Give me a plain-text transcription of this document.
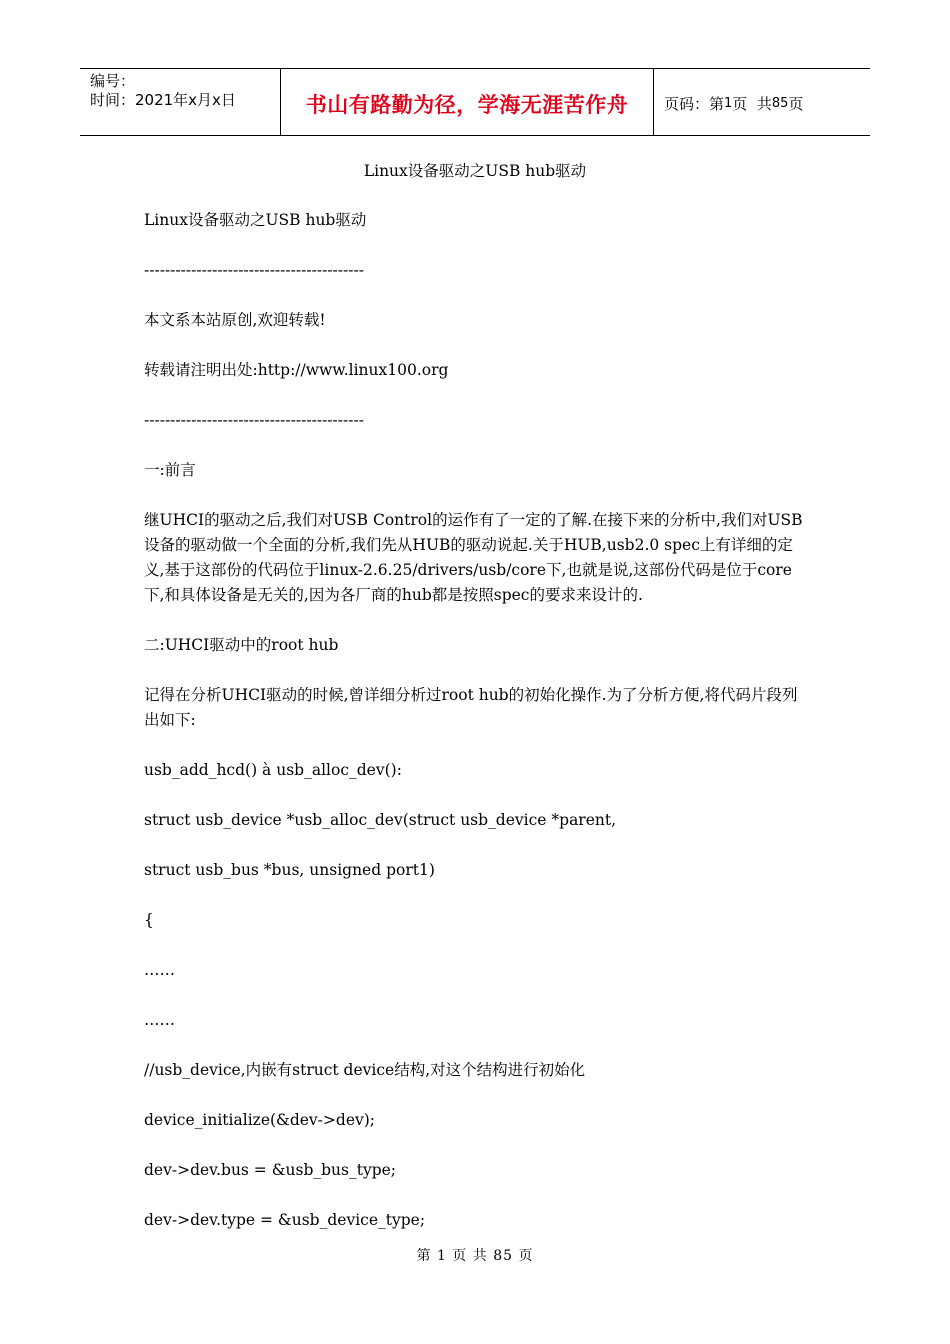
编号：
时间：2021年x月x日	书山有路勤为径，学海无涯苦作舟 页码：第 1 页  共 85 页
Linux设备驱动之USB hub驱动

Linux设备驱动之USB hub驱动

------------------------------------------

本文系本站原创,欢迎转载!

转载请注明出处:http://www.linux100.org

------------------------------------------

一:前言

继UHCI的驱动之后,我们对USB Control的运作有了一定的了解.在接下来的分析中,我们对USB设备的驱动做一个全面的分析,我们先从HUB的驱动说起.关于HUB,usb2.0 spec上有详细的定义,基于这部份的代码位于linux-2.6.25/drivers/usb/core下,也就是说,这部份代码是位于core下,和具体设备是无关的,因为各厂商的hub都是按照spec的要求来设计的.

二:UHCI驱动中的root hub

记得在分析UHCI驱动的时候,曾详细分析过root hub的初始化操作.为了分析方便,将代码片段列出如下:

usb_add_hcd() à usb_alloc_dev():

struct usb_device *usb_alloc_dev(struct usb_device *parent,

struct usb_bus *bus, unsigned port1)

{

……

……

//usb_device,内嵌有struct device结构,对这个结构进行初始化

device_initialize(&dev->dev);

dev->dev.bus = &usb_bus_type;

dev->dev.type = &usb_device_type;

第 1 页 共 85 页
